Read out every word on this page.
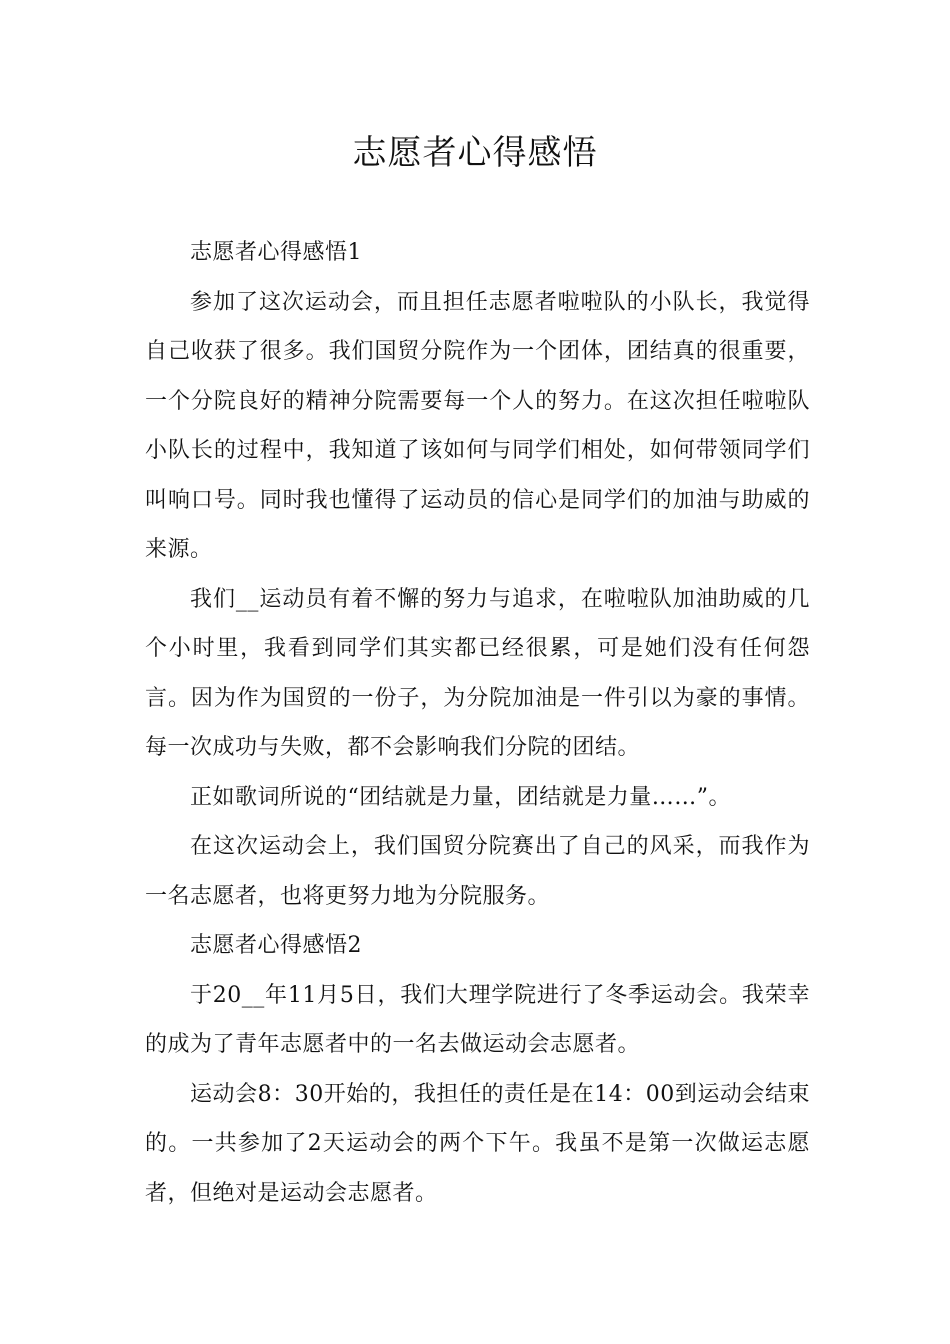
志愿者心得感悟

志愿者心得感悟1

参加了这次运动会，而且担任志愿者啦啦队的小队长，我觉得自己收获了很多。我们国贸分院作为一个团体，团结真的很重要，一个分院良好的精神分院需要每一个人的努力。在这次担任啦啦队小队长的过程中，我知道了该如何与同学们相处，如何带领同学们叫响口号。同时我也懂得了运动员的信心是同学们的加油与助威的来源。

我们__运动员有着不懈的努力与追求，在啦啦队加油助威的几个小时里，我看到同学们其实都已经很累，可是她们没有任何怨言。因为作为国贸的一份子，为分院加油是一件引以为豪的事情。每一次成功与失败，都不会影响我们分院的团结。

正如歌词所说的“团结就是力量，团结就是力量……”。

在这次运动会上，我们国贸分院赛出了自己的风采，而我作为一名志愿者，也将更努力地为分院服务。

志愿者心得感悟2

于20__年11月5日，我们大理学院进行了冬季运动会。我荣幸的成为了青年志愿者中的一名去做运动会志愿者。

运动会8：30开始的，我担任的责任是在14：00到运动会结束的。一共参加了2天运动会的两个下午。我虽不是第一次做运志愿者，但绝对是运动会志愿者。
